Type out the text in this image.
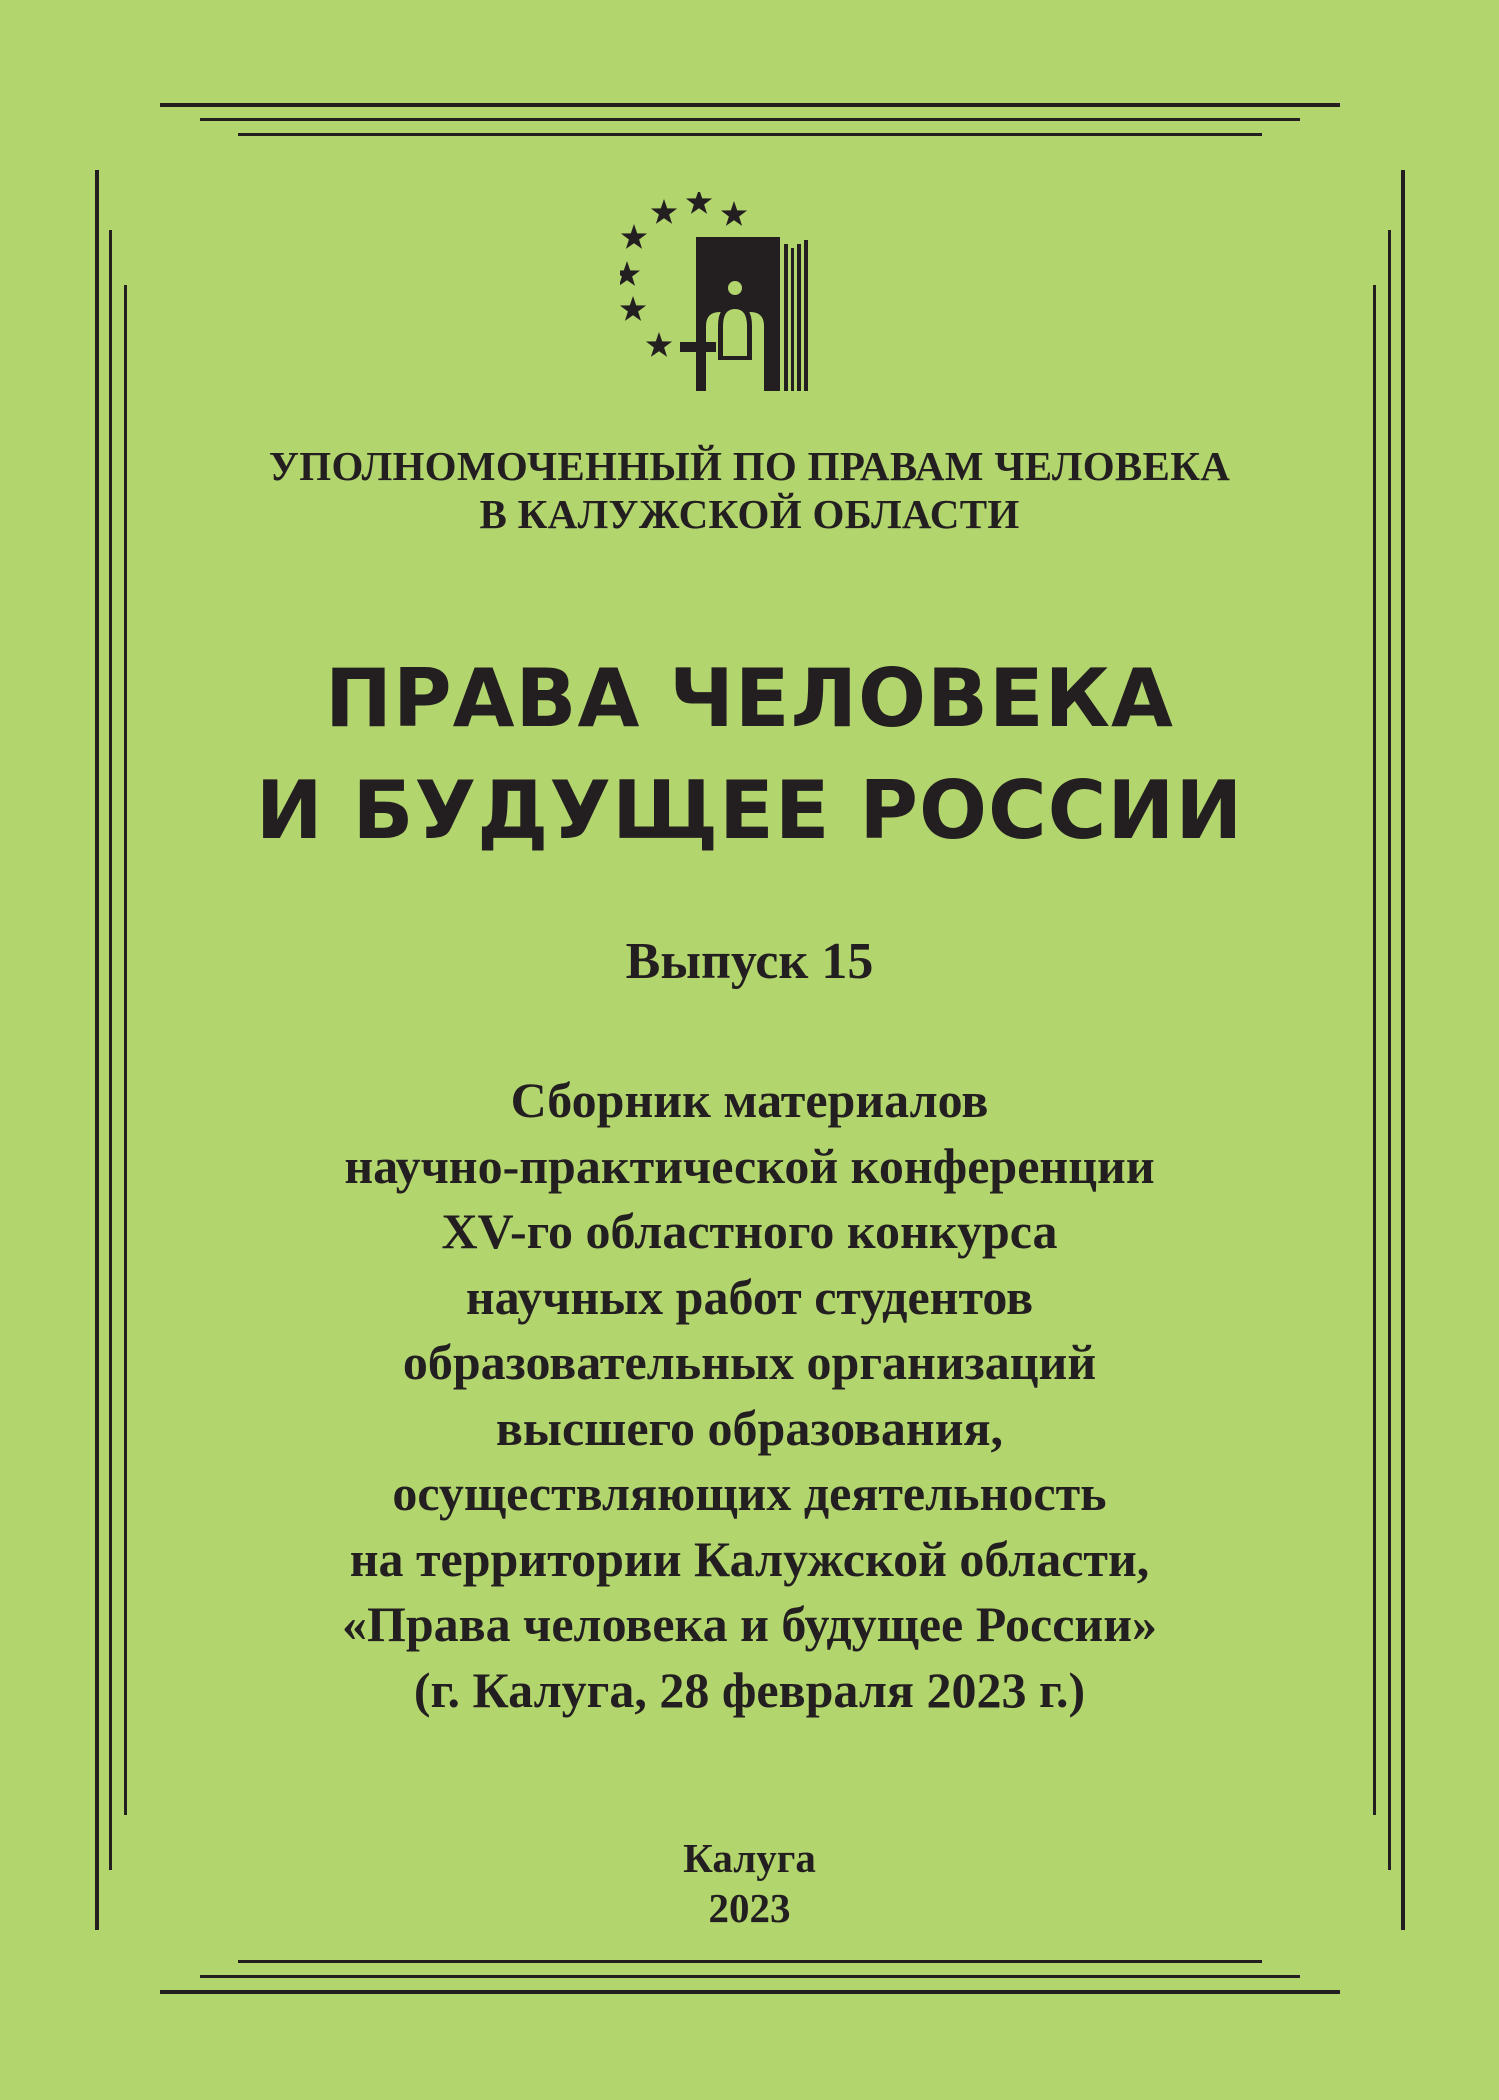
УПОЛНОМОЧЕННЫЙ ПО ПРАВАМ ЧЕЛОВЕКА
В КАЛУЖСКОЙ ОБЛАСТИ
ПРАВА ЧЕЛОВЕКА
И БУДУЩЕЕ РОССИИ
Выпуск 15
Сборник материалов
научно-практической конференции
XV-го областного конкурса
научных работ студентов
образовательных организаций
высшего образования,
осуществляющих деятельность
на территории Калужской области,
«Права человека и будущее России»
(г. Калуга, 28 февраля 2023 г.)
Калуга
2023
